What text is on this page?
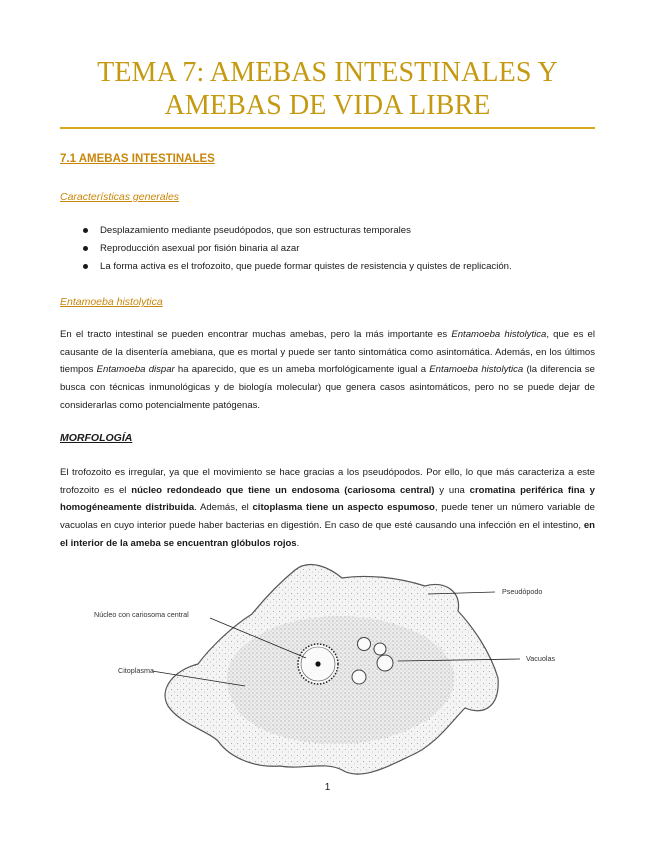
TEMA 7: AMEBAS INTESTINALES Y
AMEBAS DE VIDA LIBRE
7.1 AMEBAS INTESTINALES
Características generales
Desplazamiento mediante pseudópodos, que son estructuras temporales
Reproducción asexual por fisión binaria al azar
La forma activa es el trofozoito, que puede formar quistes de resistencia y quistes de replicación.
Entamoeba histolytica
En el tracto intestinal se pueden encontrar muchas amebas, pero la más importante es Entamoeba histolytica, que es el causante de la disentería amebiana, que es mortal y puede ser tanto sintomática como asintomática. Además, en los últimos tiempos Entamoeba dispar ha aparecido, que es un ameba morfológicamente igual a Entamoeba histolytica (la diferencia se busca con técnicas inmunológicas y de biología molecular) que genera casos asintomáticos, pero no se puede dejar de considerarlas como potencialmente patógenas.
MORFOLOGÍA
El trofozoito es irregular, ya que el movimiento se hace gracias a los pseudópodos. Por ello, lo que más caracteriza a este trofozoito es el núcleo redondeado que tiene un endosoma (cariosoma central) y una cromatina periférica fina y homogéneamente distribuida. Además, el citoplasma tiene un aspecto espumoso, puede tener un número variable de vacuolas en cuyo interior puede haber bacterias en digestión. En caso de que esté causando una infección en el intestino, en el interior de la ameba se encuentran glóbulos rojos.
Pseudópodo
Núcleo con cariosoma central
Vacuolas
Citoplasma
1
